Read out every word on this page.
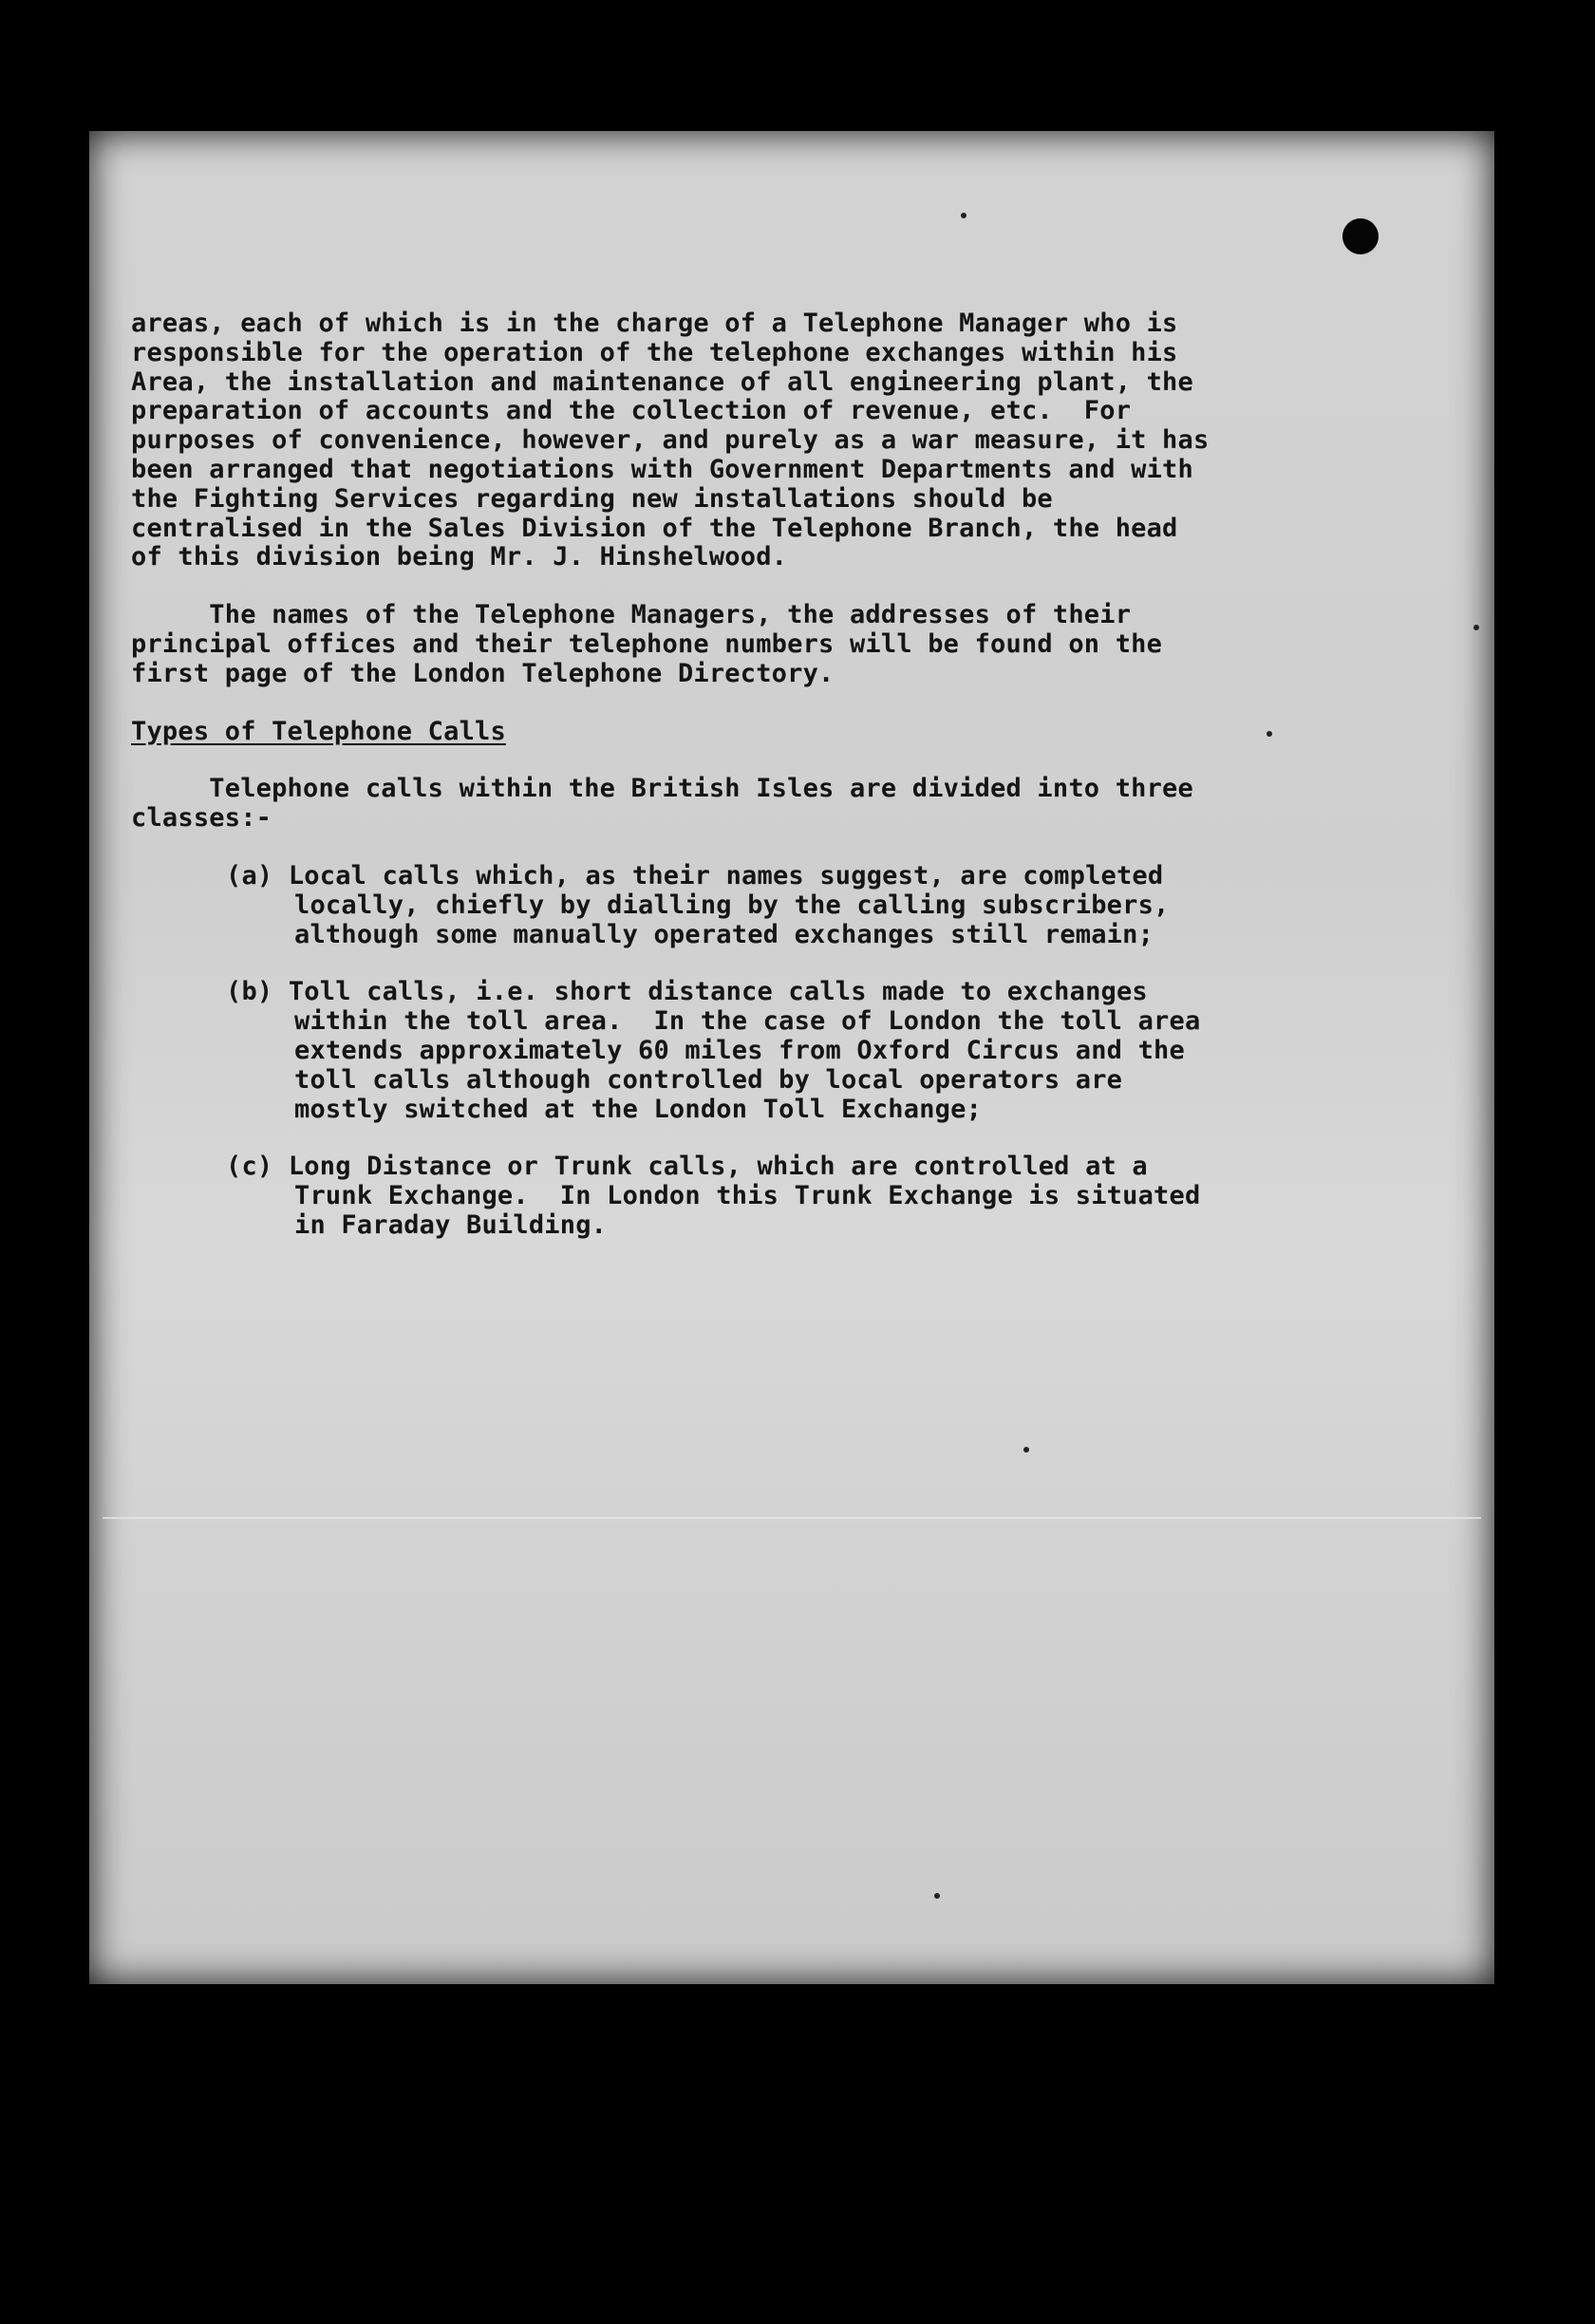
areas, each of which is in the charge of a Telephone Manager who is
responsible for the operation of the telephone exchanges within his
Area, the installation and maintenance of all engineering plant, the
preparation of accounts and the collection of revenue, etc.  For
purposes of convenience, however, and purely as a war measure, it has
been arranged that negotiations with Government Departments and with
the Fighting Services regarding new installations should be
centralised in the Sales Division of the Telephone Branch, the head
of this division being Mr. J. Hinshelwood.
The names of the Telephone Managers, the addresses of their
principal offices and their telephone numbers will be found on the
first page of the London Telephone Directory.
Types of Telephone Calls
Telephone calls within the British Isles are divided into three
classes:-
(a) Local calls which, as their names suggest, are completed
locally, chiefly by dialling by the calling subscribers,
although some manually operated exchanges still remain;
(b) Toll calls, i.e. short distance calls made to exchanges
within the toll area.  In the case of London the toll area
extends approximately 60 miles from Oxford Circus and the
toll calls although controlled by local operators are
mostly switched at the London Toll Exchange;
(c) Long Distance or Trunk calls, which are controlled at a
Trunk Exchange.  In London this Trunk Exchange is situated
in Faraday Building.
